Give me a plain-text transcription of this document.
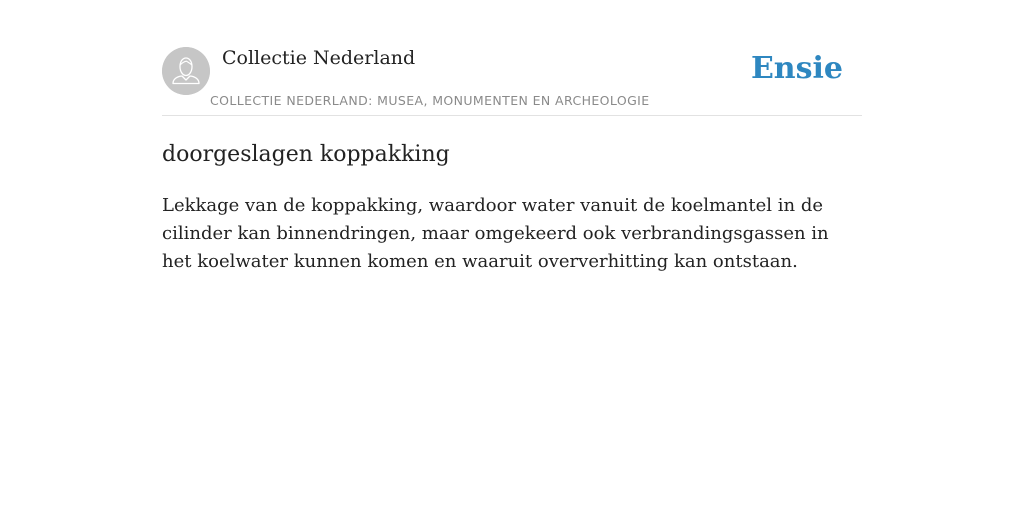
Collectie Nederland
COLLECTIE NEDERLAND: MUSEA, MONUMENTEN EN ARCHEOLOGIE
Ensie
doorgeslagen koppakking

Lekkage van de koppakking, waardoor water vanuit de koelmantel in de cilinder kan binnendringen, maar omgekeerd ook verbrandingsgassen in het koelwater kunnen komen en waaruit oververhitting kan ontstaan.
